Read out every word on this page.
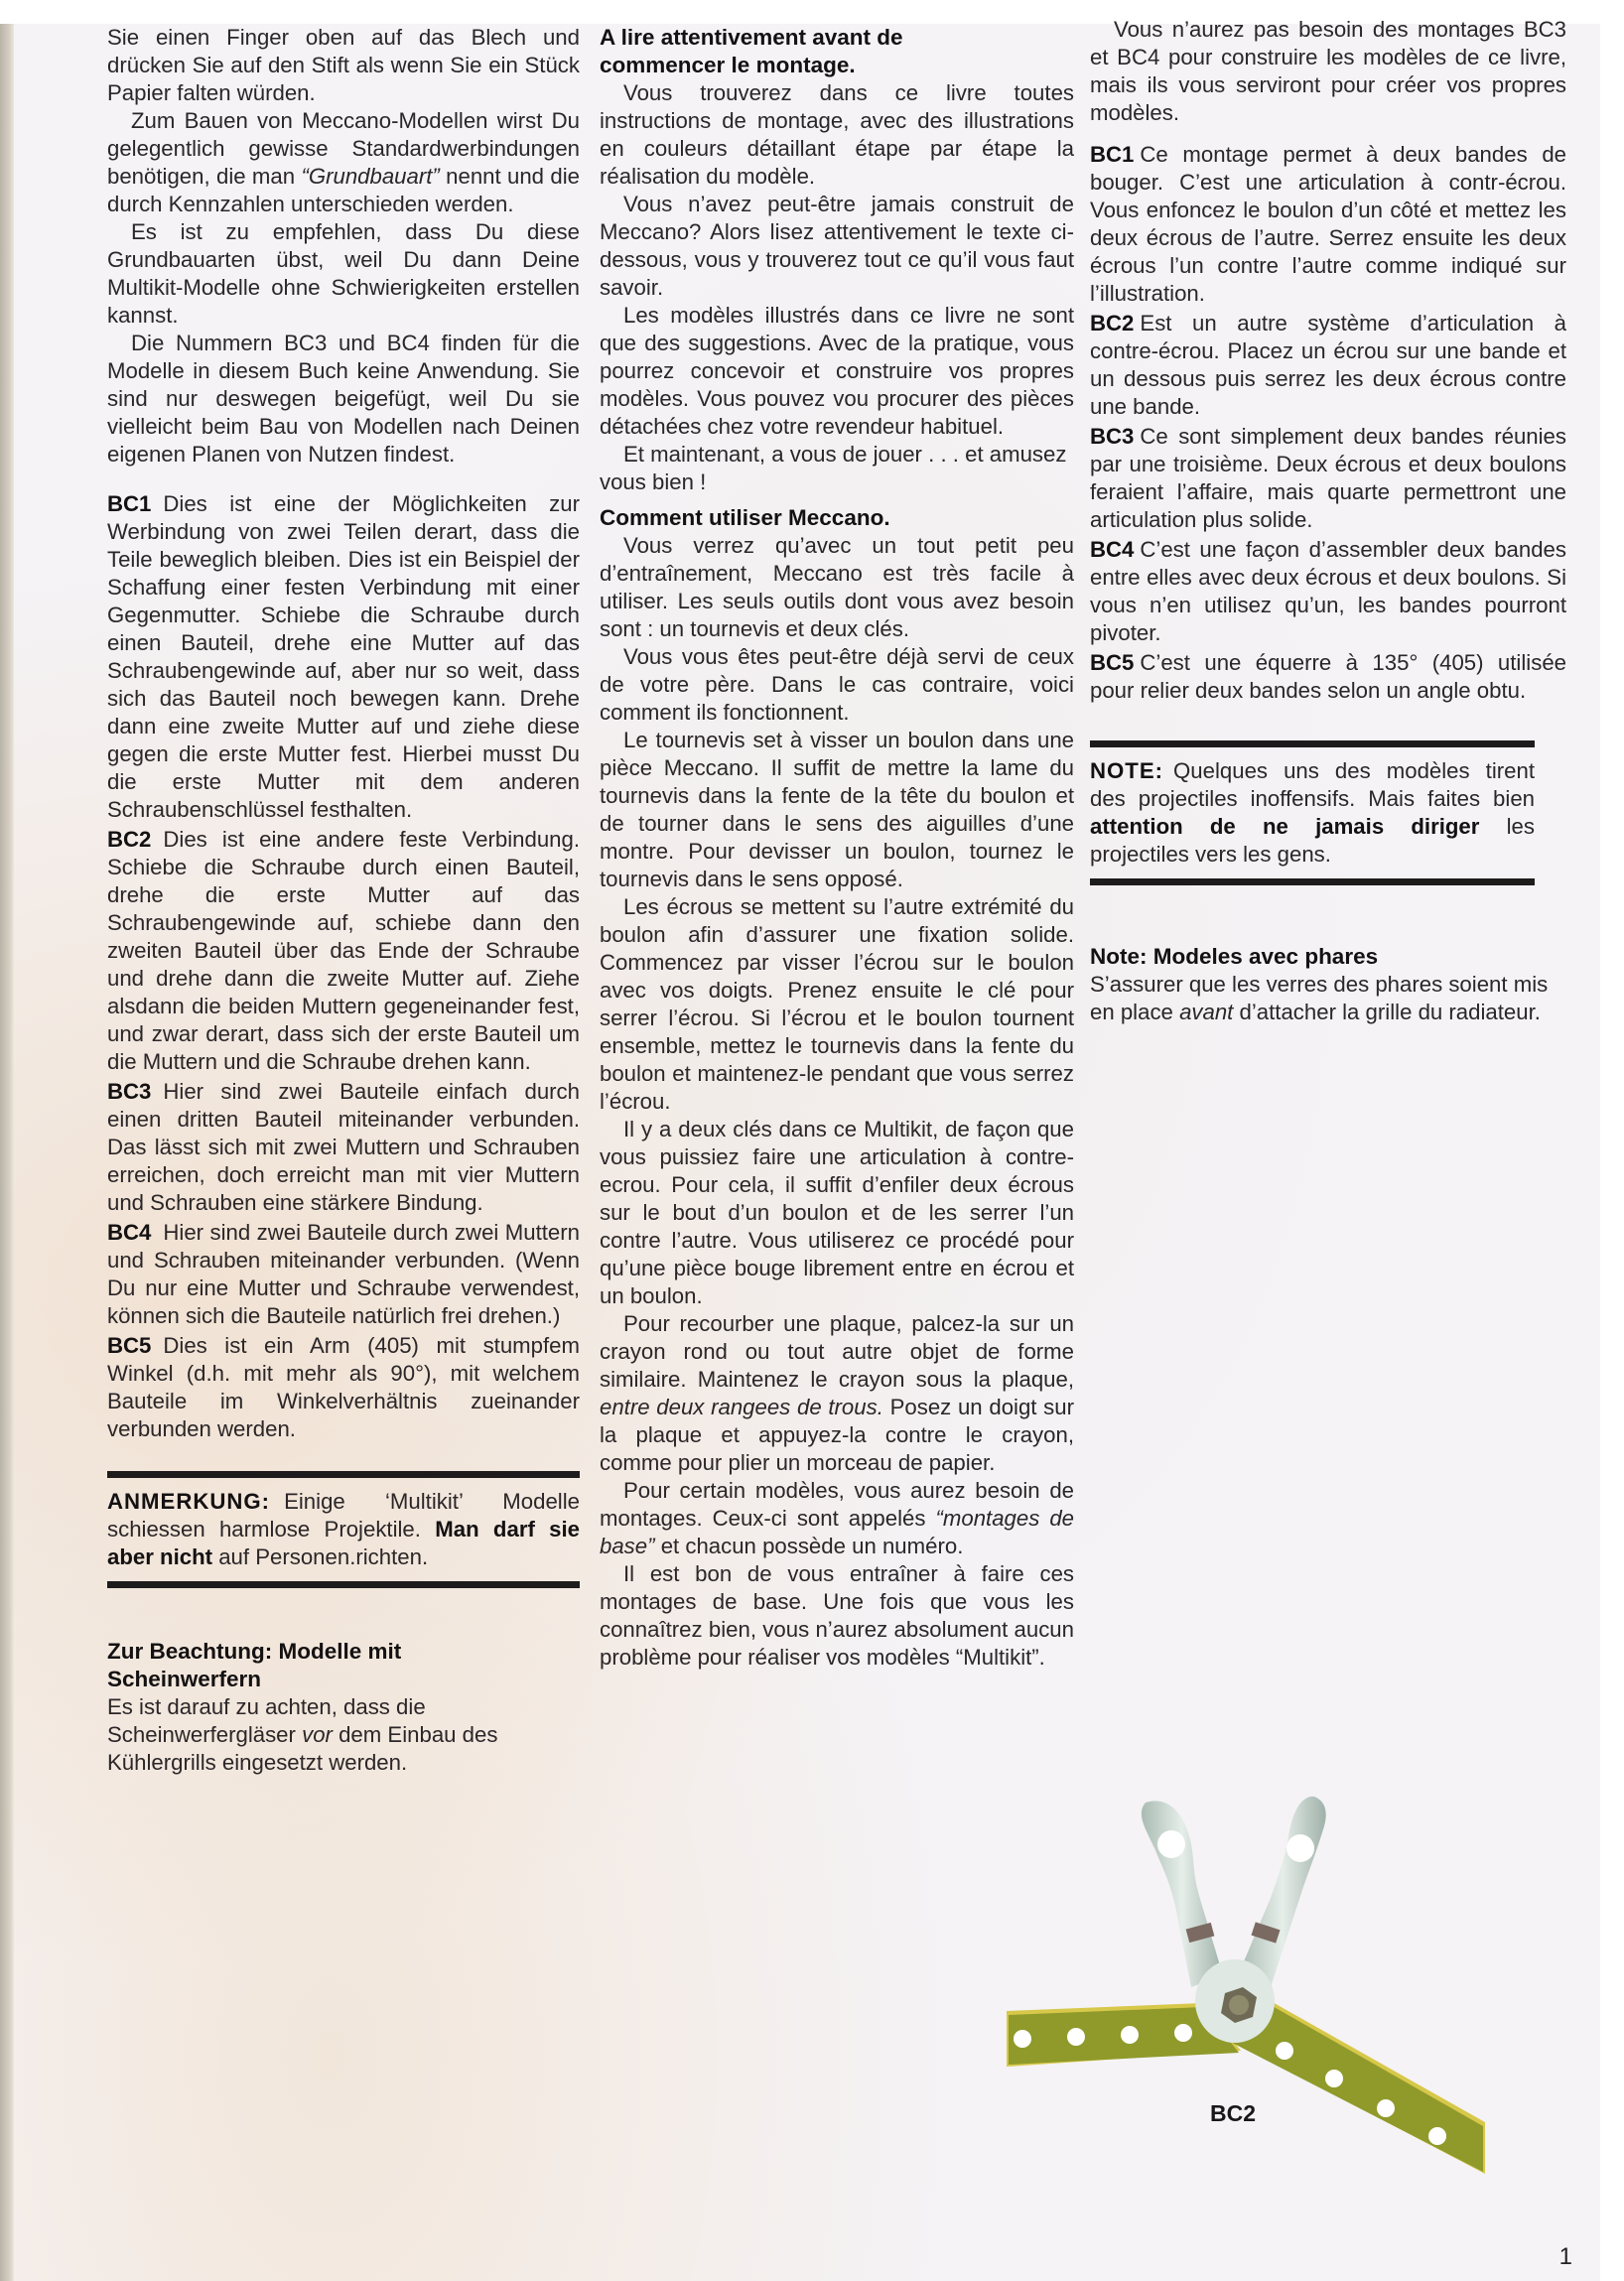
Sie einen Finger oben auf das Blech und drücken Sie auf den Stift als wenn Sie ein Stück Papier falten würden.

Zum Bauen von Meccano-Modellen wirst Du gelegentlich gewisse Standardwerbindungen benötigen, die man “Grundbauart” nennt und die durch Kennzahlen unterschieden werden.

Es ist zu empfehlen, dass Du diese Grundbauarten übst, weil Du dann Deine Multikit-Modelle ohne Schwierigkeiten erstellen kannst.

Die Nummern BC3 und BC4 finden für die Modelle in diesem Buch keine Anwendung. Sie sind nur deswegen beigefügt, weil Du sie vielleicht beim Bau von Modellen nach Deinen eigenen Planen von Nutzen findest.

BC1 Dies ist eine der Möglichkeiten zur Werbindung von zwei Teilen derart, dass die Teile beweglich bleiben. Dies ist ein Beispiel der Schaffung einer festen Verbindung mit einer Gegenmutter. Schiebe die Schraube durch einen Bauteil, drehe eine Mutter auf das Schraubengewinde auf, aber nur so weit, dass sich das Bauteil noch bewegen kann. Drehe dann eine zweite Mutter auf und ziehe diese gegen die erste Mutter fest. Hierbei musst Du die erste Mutter mit dem anderen Schraubenschlüssel festhalten.

BC2 Dies ist eine andere feste Verbindung. Schiebe die Schraube durch einen Bauteil, drehe die erste Mutter auf das Schraubengewinde auf, schiebe dann den zweiten Bauteil über das Ende der Schraube und drehe dann die zweite Mutter auf. Ziehe alsdann die beiden Muttern gegeneinander fest, und zwar derart, dass sich der erste Bauteil um die Muttern und die Schraube drehen kann.

BC3 Hier sind zwei Bauteile einfach durch einen dritten Bauteil miteinander verbunden. Das lässt sich mit zwei Muttern und Schrauben erreichen, doch erreicht man mit vier Muttern und Schrauben eine stärkere Bindung.

BC4 Hier sind zwei Bauteile durch zwei Muttern und Schrauben miteinander verbunden. (Wenn Du nur eine Mutter und Schraube verwendest, können sich die Bauteile natürlich frei drehen.)

BC5 Dies ist ein Arm (405) mit stumpfem Winkel (d.h. mit mehr als 90°), mit welchem Bauteile im Winkelverhältnis zueinander verbunden werden.

ANMERKUNG: Einige ‘Multikit’ Modelle schiessen harmlose Projektile. Man darf sie aber nicht auf Personen.richten.

Zur Beachtung: Modelle mit Scheinwerfern

Es ist darauf zu achten, dass die Scheinwerfergläser vor dem Einbau des Kühlergrills eingesetzt werden.

A lire attentivement avant de commencer le montage.

Vous trouverez dans ce livre toutes instructions de montage, avec des illustrations en couleurs détaillant étape par étape la réalisation du modèle.

Vous n’avez peut-être jamais construit de Meccano? Alors lisez attentivement le texte ci-dessous, vous y trouverez tout ce qu’il vous faut savoir.

Les modèles illustrés dans ce livre ne sont que des suggestions. Avec de la pratique, vous pourrez concevoir et construire vos propres modèles. Vous pouvez vou procurer des pièces détachées chez votre revendeur habituel.

Et maintenant, a vous de jouer . . . et amusez vous bien !

Comment utiliser Meccano.

Vous verrez qu’avec un tout petit peu d’entraînement, Meccano est très facile à utiliser. Les seuls outils dont vous avez besoin sont : un tournevis et deux clés.

Vous vous êtes peut-être déjà servi de ceux de votre père. Dans le cas contraire, voici comment ils fonctionnent.

Le tournevis set à visser un boulon dans une pièce Meccano. Il suffit de mettre la lame du tournevis dans la fente de la tête du boulon et de tourner dans le sens des aiguilles d’une montre. Pour devisser un boulon, tournez le tournevis dans le sens opposé.

Les écrous se mettent su l’autre extrémité du boulon afin d’assurer une fixation solide. Commencez par visser l’écrou sur le boulon avec vos doigts. Prenez ensuite le clé pour serrer l’écrou. Si l’écrou et le boulon tournent ensemble, mettez le tournevis dans la fente du boulon et maintenez-le pendant que vous serrez l’écrou.

Il y a deux clés dans ce Multikit, de façon que vous puissiez faire une articulation à contre-ecrou. Pour cela, il suffit d’enfiler deux écrous sur le bout d’un boulon et de les serrer l’un contre l’autre. Vous utiliserez ce procédé pour qu’une pièce bouge librement entre en écrou et un boulon.

Pour recourber une plaque, palcez-la sur un crayon rond ou tout autre objet de forme similaire. Maintenez le crayon sous la plaque, entre deux rangees de trous. Posez un doigt sur la plaque et appuyez-la contre le crayon, comme pour plier un morceau de papier.

Pour certain modèles, vous aurez besoin de montages. Ceux-ci sont appelés “montages de base” et chacun possède un numéro.

Il est bon de vous entraîner à faire ces montages de base. Une fois que vous les connaîtrez bien, vous n’aurez absolument aucun problème pour réaliser vos modèles “Multikit”.

Vous n’aurez pas besoin des montages BC3 et BC4 pour construire les modèles de ce livre, mais ils vous serviront pour créer vos propres modèles.

BC1 Ce montage permet à deux bandes de bouger. C’est une articulation à contr-écrou. Vous enfoncez le boulon d’un côté et mettez les deux écrous de l’autre. Serrez ensuite les deux écrous l’un contre l’autre comme indiqué sur l’illustration.

BC2 Est un autre système d’articulation à contre-écrou. Placez un écrou sur une bande et un dessous puis serrez les deux écrous contre une bande.

BC3 Ce sont simplement deux bandes réunies par une troisième. Deux écrous et deux boulons feraient l’affaire, mais quarte permettront une articulation plus solide.

BC4 C’est une façon d’assembler deux bandes entre elles avec deux écrous et deux boulons. Si vous n’en utilisez qu’un, les bandes pourront pivoter.

BC5 C’est une équerre à 135° (405) utilisée pour relier deux bandes selon un angle obtu.

NOTE: Quelques uns des modèles tirent des projectiles inoffensifs. Mais faites bien attention de ne jamais diriger les projectiles vers les gens.

Note: Modeles avec phares

S’assurer que les verres des phares soient mis en place avant d’attacher la grille du radiateur.

BC2
1
